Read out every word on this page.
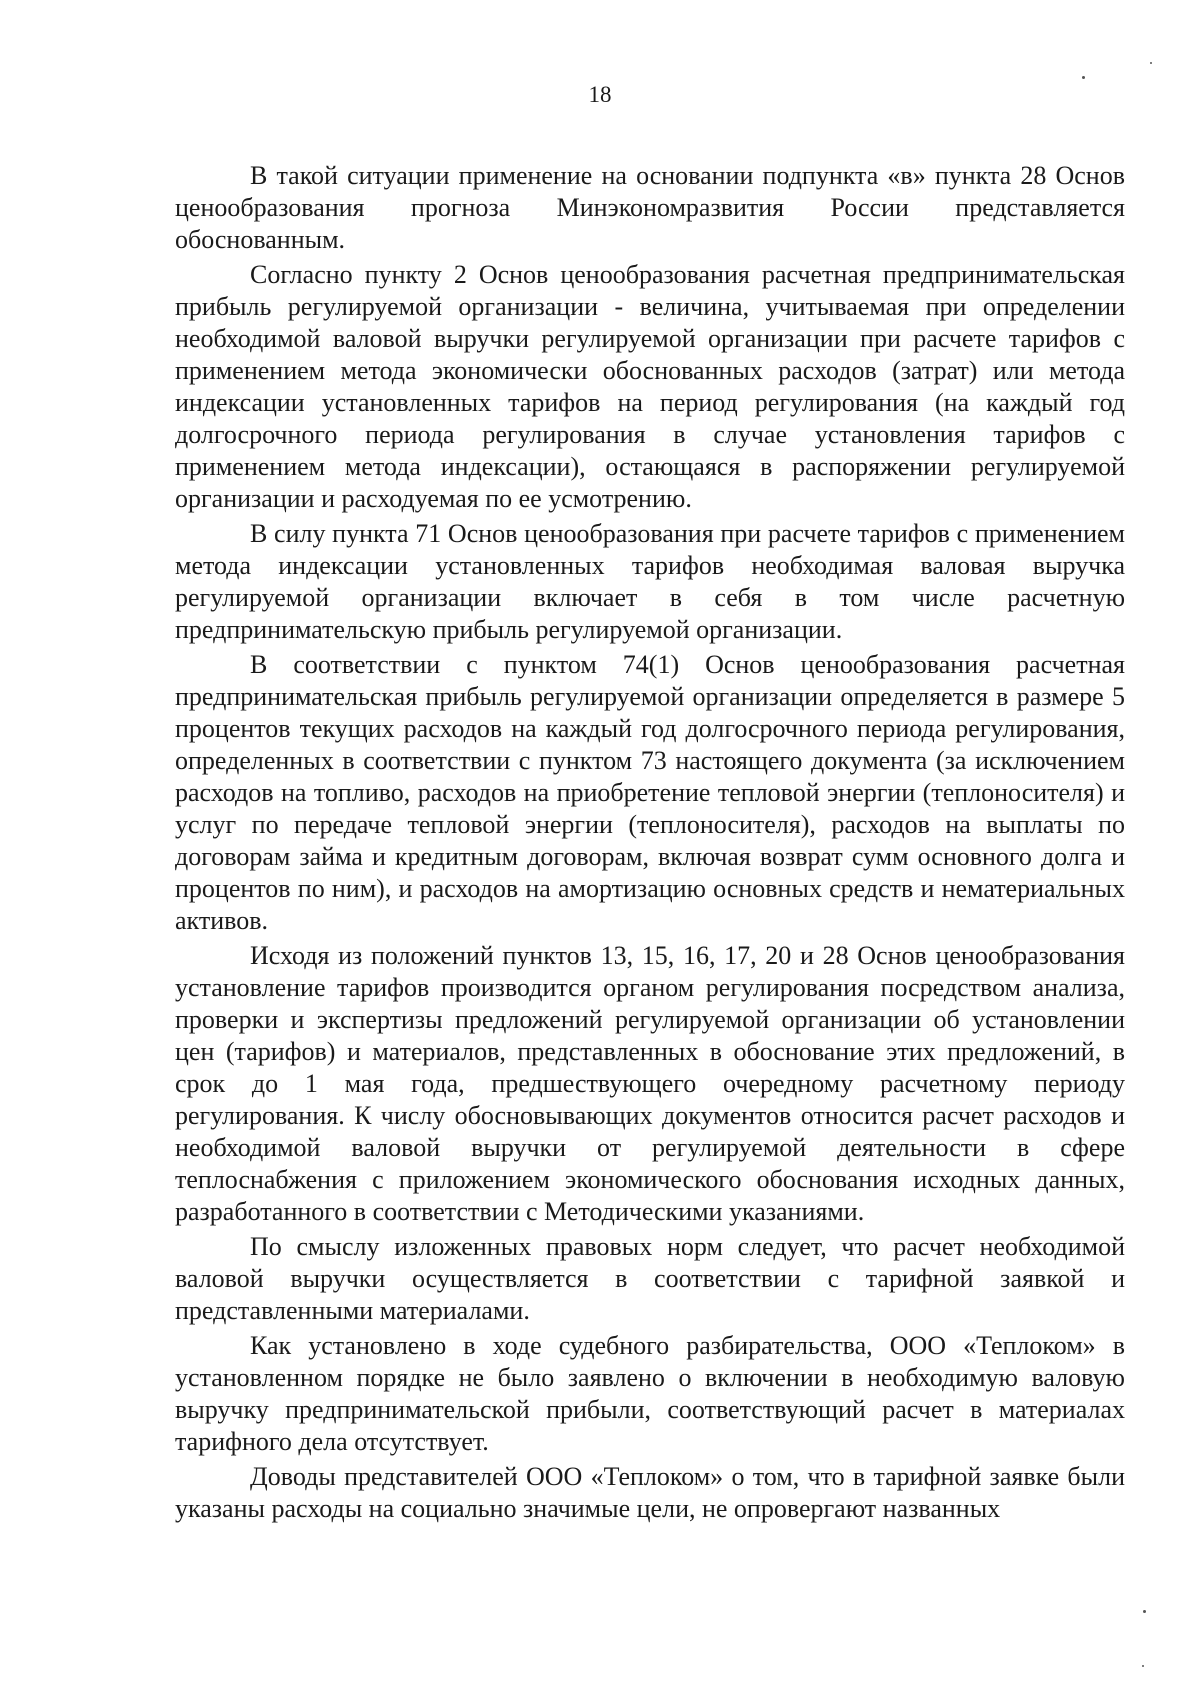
18

В такой ситуации применение на основании подпункта «в» пункта 28 Основ ценообразования прогноза Минэкономразвития России представляется обоснованным.

Согласно пункту 2 Основ ценообразования расчетная предпринимательская прибыль регулируемой организации - величина, учитываемая при определении необходимой валовой выручки регулируемой организации при расчете тарифов с применением метода экономически обоснованных расходов (затрат) или метода индексации установленных тарифов на период регулирования (на каждый год долгосрочного периода регулирования в случае установления тарифов с применением метода индексации), остающаяся в распоряжении регулируемой организации и расходуемая по ее усмотрению.

В силу пункта 71 Основ ценообразования при расчете тарифов с применением метода индексации установленных тарифов необходимая валовая выручка регулируемой организации включает в себя в том числе расчетную предпринимательскую прибыль регулируемой организации.

В соответствии с пунктом 74(1) Основ ценообразования расчетная предпринимательская прибыль регулируемой организации определяется в размере 5 процентов текущих расходов на каждый год долгосрочного периода регулирования, определенных в соответствии с пунктом 73 настоящего документа (за исключением расходов на топливо, расходов на приобретение тепловой энергии (теплоносителя) и услуг по передаче тепловой энергии (теплоносителя), расходов на выплаты по договорам займа и кредитным договорам, включая возврат сумм основного долга и процентов по ним), и расходов на амортизацию основных средств и нематериальных активов.

Исходя из положений пунктов 13, 15, 16, 17, 20 и 28 Основ ценообразования установление тарифов производится органом регулирования посредством анализа, проверки и экспертизы предложений регулируемой организации об установлении цен (тарифов) и материалов, представленных в обоснование этих предложений, в срок до 1 мая года, предшествующего очередному расчетному периоду регулирования. К числу обосновывающих документов относится расчет расходов и необходимой валовой выручки от регулируемой деятельности в сфере теплоснабжения с приложением экономического обоснования исходных данных, разработанного в соответствии с Методическими указаниями.

По смыслу изложенных правовых норм следует, что расчет необходимой валовой выручки осуществляется в соответствии с тарифной заявкой и представленными материалами.

Как установлено в ходе судебного разбирательства, ООО «Теплоком» в установленном порядке не было заявлено о включении в необходимую валовую выручку предпринимательской прибыли, соответствующий расчет в материалах тарифного дела отсутствует.

Доводы представителей ООО «Теплоком» о том, что в тарифной заявке были указаны расходы на социально значимые цели, не опровергают названных
